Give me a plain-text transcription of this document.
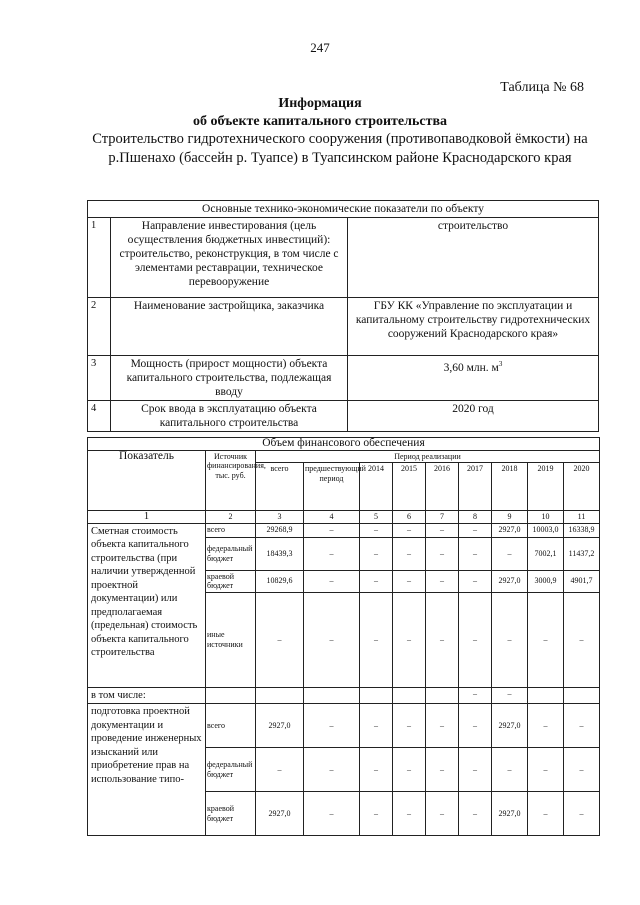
247
Таблица № 68
Информация
об объекте капитального строительства
Строительство гидротехнического сооружения (противопаводковой ёмкости) на р.Пшенахо (бассейн р. Туапсе) в Туапсинском районе Краснодарского края
Основные технико-экономические показатели по объекту		
1	Направление инвестирования (цель осуществления бюджетных инвестиций): строительство, реконструкция, в том числе с элементами реставрации, техническое перевооружение	строительство
2	Наименование застройщика, заказчика	ГБУ КК «Управление по эксплуатации и капитальному строительству гидротехнических сооружений Краснодарского края»
3	Мощность (прирост мощности) объекта капитального строительства, подлежащая вводу	3,60 млн. $м^3$
4	Срок ввода в эксплуатацию объекта капитального строительства	2020 год
Объем финансового обеспечения										
Показатель	Источник финансирования, тыс. руб.	Период реализации								
		всего	предшествующий период	2014	2015	2016	2017	2018	2019	2020
1	2	3	4	5	6	7	8	9	10	11
Сметная стоимость объекта капитального строительства (при наличии утвержденной проектной документации) или предполагаемая (предельная) стоимость объекта капитального строительства	всего	29268,9	–	–	–	–	–	2927,0	10003,0	16338,9
	федеральный бюджет	18439,3	–	–	–	–	–	–	7002,1	11437,2
	краевой бюджет	10829,6	–	–	–	–	–	2927,0	3000,9	4901,7
	иные источники	–	–	–	–	–	–	–	–	–
в том числе:							–	–		
подготовка проектной документации и проведение инженерных изысканий или приобретение прав на использование типо-	всего	2927,0	–	–	–	–	–	2927,0	–	–
	федеральный бюджет	–	–	–	–	–	–	–	–	–
	краевой бюджет	2927,0	–	–	–	–	–	2927,0	–	–
